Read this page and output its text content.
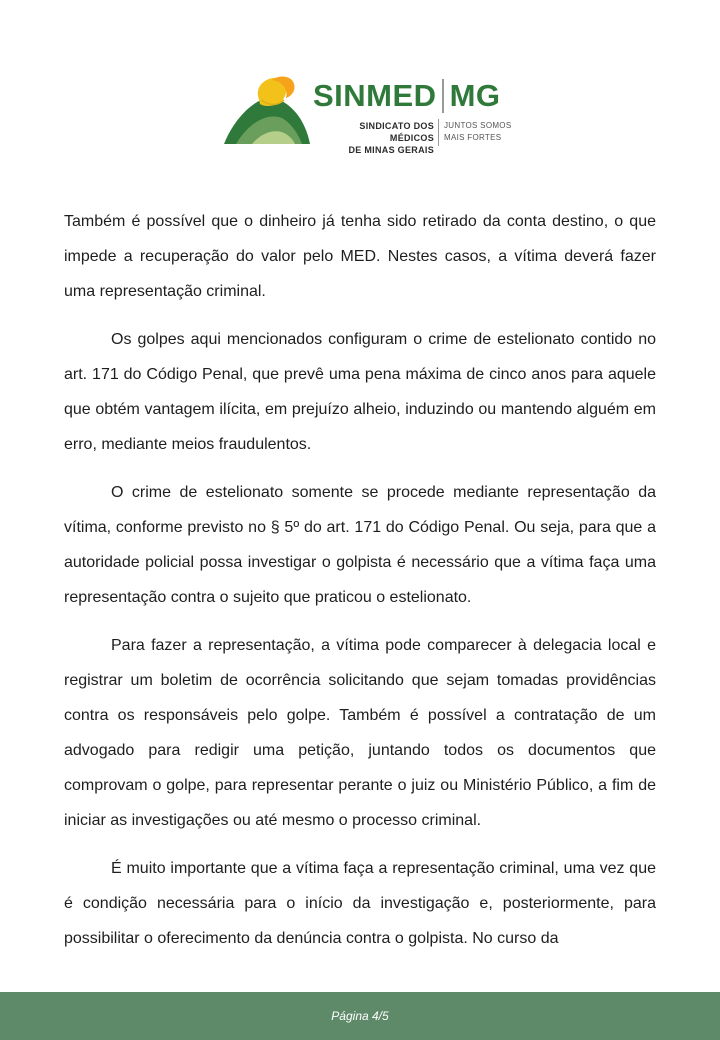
SINMED MG
SINDICATO DOS MÉDICOS
DE MINAS GERAIS
JUNTOS SOMOS
MAIS FORTES

Também é possível que o dinheiro já tenha sido retirado da conta destino, o que impede a recuperação do valor pelo MED. Nestes casos, a vítima deverá fazer uma representação criminal.

Os golpes aqui mencionados configuram o crime de estelionato contido no art. 171 do Código Penal, que prevê uma pena máxima de cinco anos para aquele que obtém vantagem ilícita, em prejuízo alheio, induzindo ou mantendo alguém em erro, mediante meios fraudulentos.

O crime de estelionato somente se procede mediante representação da vítima, conforme previsto no § 5º do art. 171 do Código Penal. Ou seja, para que a autoridade policial possa investigar o golpista é necessário que a vítima faça uma representação contra o sujeito que praticou o estelionato.

Para fazer a representação, a vítima pode comparecer à delegacia local e registrar um boletim de ocorrência solicitando que sejam tomadas providências contra os responsáveis pelo golpe. Também é possível a contratação de um advogado para redigir uma petição, juntando todos os documentos que comprovam o golpe, para representar perante o juiz ou Ministério Público, a fim de iniciar as investigações ou até mesmo o processo criminal.

É muito importante que a vítima faça a representação criminal, uma vez que é condição necessária para o início da investigação e, posteriormente, para possibilitar o oferecimento da denúncia contra o golpista. No curso da

Página 4/5
